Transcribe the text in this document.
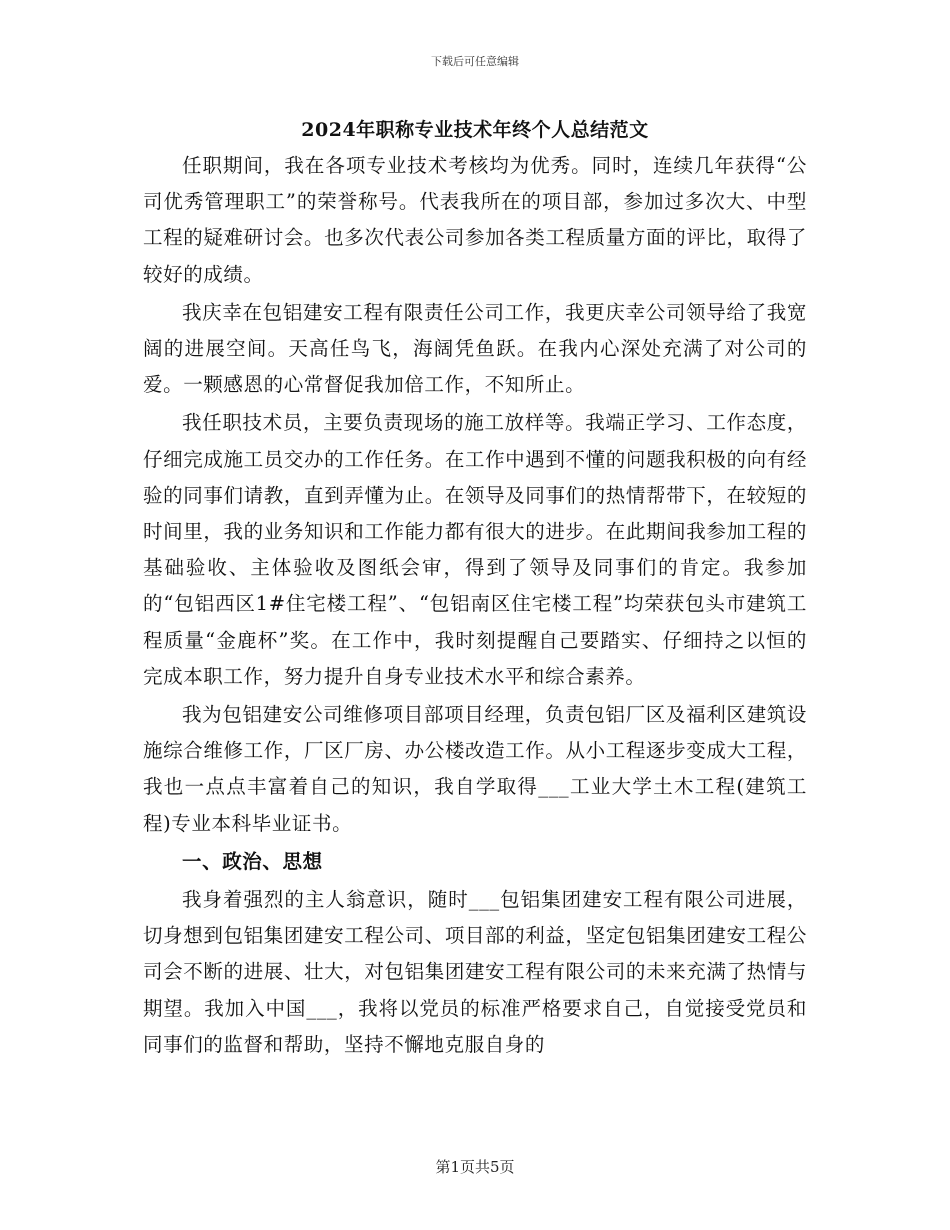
下载后可任意编辑
2024年职称专业技术年终个人总结范文

任职期间，我在各项专业技术考核均为优秀。同时，连续几年获得“公司优秀管理职工”的荣誉称号。代表我所在的项目部，参加过多次大、中型工程的疑难研讨会。也多次代表公司参加各类工程质量方面的评比，取得了较好的成绩。

我庆幸在包铝建安工程有限责任公司工作，我更庆幸公司领导给了我宽阔的进展空间。天高任鸟飞，海阔凭鱼跃。在我内心深处充满了对公司的爱。一颗感恩的心常督促我加倍工作，不知所止。

我任职技术员，主要负责现场的施工放样等。我端正学习、工作态度，仔细完成施工员交办的工作任务。在工作中遇到不懂的问题我积极的向有经验的同事们请教，直到弄懂为止。在领导及同事们的热情帮带下，在较短的时间里，我的业务知识和工作能力都有很大的进步。在此期间我参加工程的基础验收、主体验收及图纸会审，得到了领导及同事们的肯定。我参加的“包铝西区1#住宅楼工程”、“包铝南区住宅楼工程”均荣获包头市建筑工程质量“金鹿杯”奖。在工作中，我时刻提醒自己要踏实、仔细持之以恒的完成本职工作，努力提升自身专业技术水平和综合素养。

我为包铝建安公司维修项目部项目经理，负责包铝厂区及福利区建筑设施综合维修工作，厂区厂房、办公楼改造工作。从小工程逐步变成大工程，我也一点点丰富着自己的知识，我自学取得___工业大学土木工程(建筑工程)专业本科毕业证书。

一、政治、思想

我身着强烈的主人翁意识，随时___包铝集团建安工程有限公司进展，切身想到包铝集团建安工程公司、项目部的利益，坚定包铝集团建安工程公司会不断的进展、壮大，对包铝集团建安工程有限公司的未来充满了热情与期望。我加入中国___，我将以党员的标准严格要求自己，自觉接受党员和同事们的监督和帮助，坚持不懈地克服自身的

第1页共5页
